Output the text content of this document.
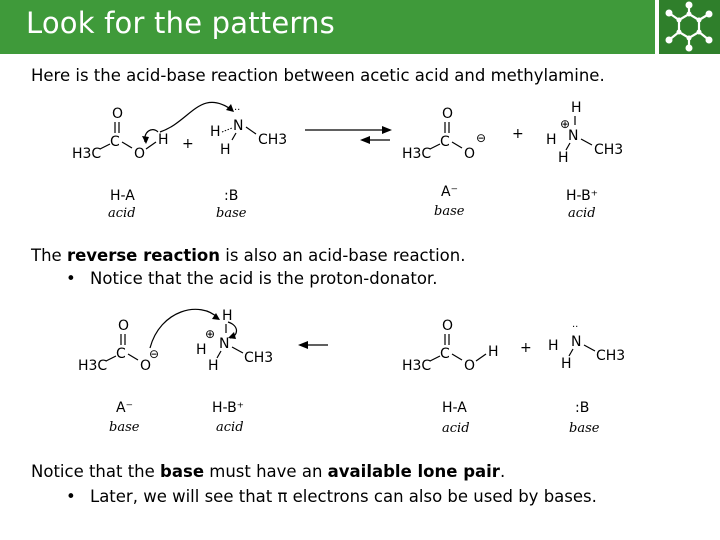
Look for the patterns
Here is the acid-base reaction between acetic acid and methylamine.
O
C
H3C O
H +
H N
··
CH3
H
O
C
H3C O
⊖ +
H
⊕
H N
CH3
H
H-A
acid
:B
base
A⁻
base
H-B⁺
acid
The reverse reaction is also an acid-base reaction.
• Notice that the acid is the proton-donator.
O
C
H3C O
⊖
H
⊕
H N
CH3
H
O
C
H3C O
H + H
··
N
CH3
H
A⁻
base
H-B⁺
acid
H-A
acid
:B
base
Notice that the base must have an available lone pair.
• Later, we will see that π electrons can also be used by bases.
